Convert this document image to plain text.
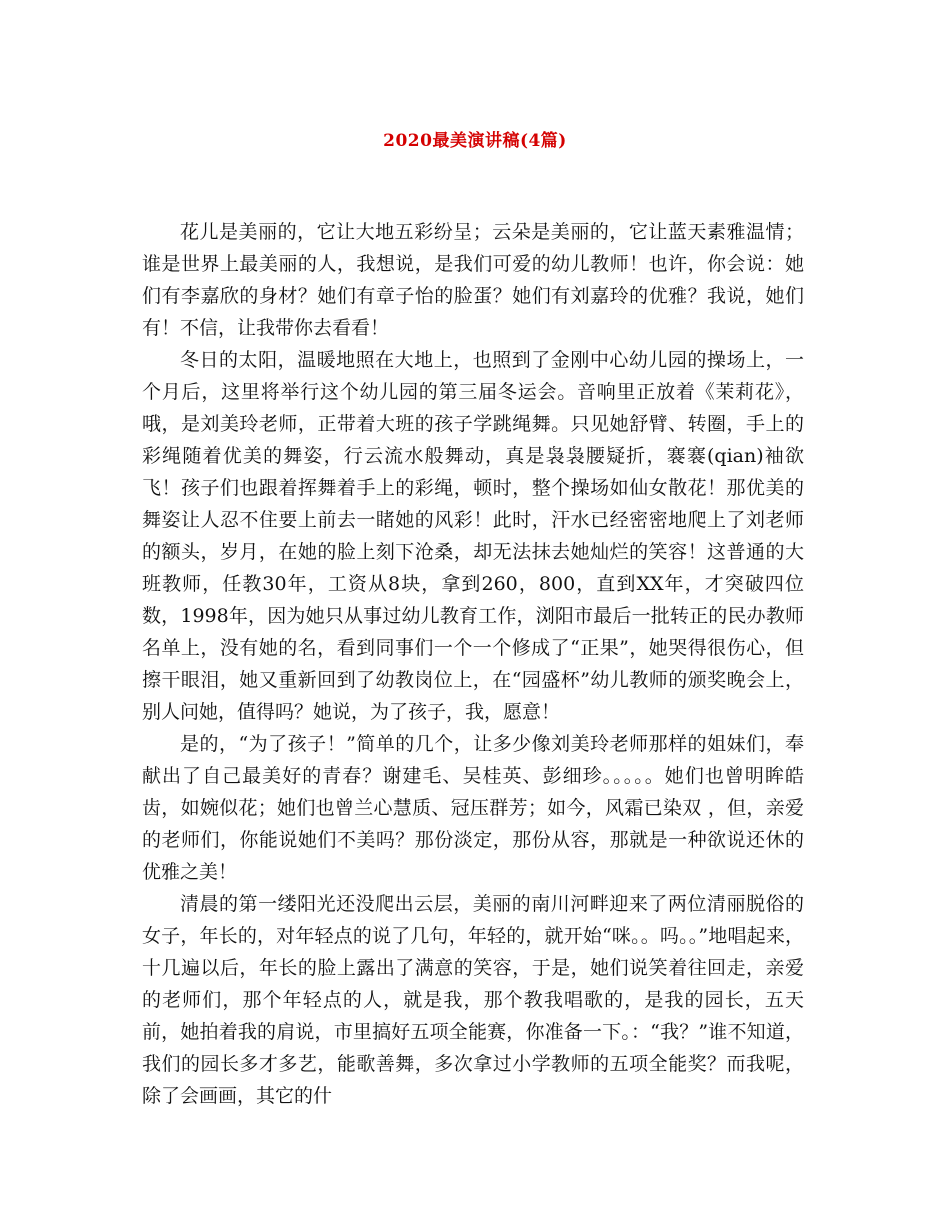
2020最美演讲稿(4篇)

花儿是美丽的，它让大地五彩纷呈；云朵是美丽的，它让蓝天素雅温情；谁是世界上最美丽的人，我想说，是我们可爱的幼儿教师！也许，你会说：她们有李嘉欣的身材？她们有章子怡的脸蛋？她们有刘嘉玲的优雅？我说，她们有！不信，让我带你去看看！

冬日的太阳，温暖地照在大地上，也照到了金刚中心幼儿园的操场上，一个月后，这里将举行这个幼儿园的第三届冬运会。音响里正放着《茉莉花》，哦，是刘美玲老师，正带着大班的孩子学跳绳舞。只见她舒臂、转圈，手上的彩绳随着优美的舞姿，行云流水般舞动，真是袅袅腰疑折，褰褰(qian)袖欲飞！孩子们也跟着挥舞着手上的彩绳，顿时，整个操场如仙女散花！那优美的舞姿让人忍不住要上前去一睹她的风彩！此时，汗水已经密密地爬上了刘老师的额头，岁月，在她的脸上刻下沧桑，却无法抹去她灿烂的笑容！这普通的大班教师，任教30年，工资从8块，拿到260，800，直到XX年，才突破四位数，1998年，因为她只从事过幼儿教育工作，浏阳市最后一批转正的民办教师名单上，没有她的名，看到同事们一个一个修成了“正果”，她哭得很伤心，但擦干眼泪，她又重新回到了幼教岗位上，在“园盛杯”幼儿教师的颁奖晚会上，别人问她，值得吗？她说，为了孩子，我，愿意！

是的，“为了孩子！”简单的几个，让多少像刘美玲老师那样的姐妹们，奉献出了自己最美好的青春？谢建毛、吴桂英、彭细珍。。。。。她们也曾明眸皓齿，如婉似花；她们也曾兰心慧质、冠压群芳；如今，风霜已染双 ，但，亲爱的老师们，你能说她们不美吗？那份淡定，那份从容，那就是一种欲说还休的优雅之美！

清晨的第一缕阳光还没爬出云层，美丽的南川河畔迎来了两位清丽脱俗的女子，年长的，对年轻点的说了几句，年轻的，就开始“咪。。吗。。”地唱起来，十几遍以后，年长的脸上露出了满意的笑容，于是，她们说笑着往回走，亲爱的老师们，那个年轻点的人，就是我，那个教我唱歌的，是我的园长，五天前，她拍着我的肩说，市里搞好五项全能赛，你准备一下。：“我？”谁不知道，我们的园长多才多艺，能歌善舞，多次拿过小学教师的五项全能奖？而我呢，除了会画画，其它的什
